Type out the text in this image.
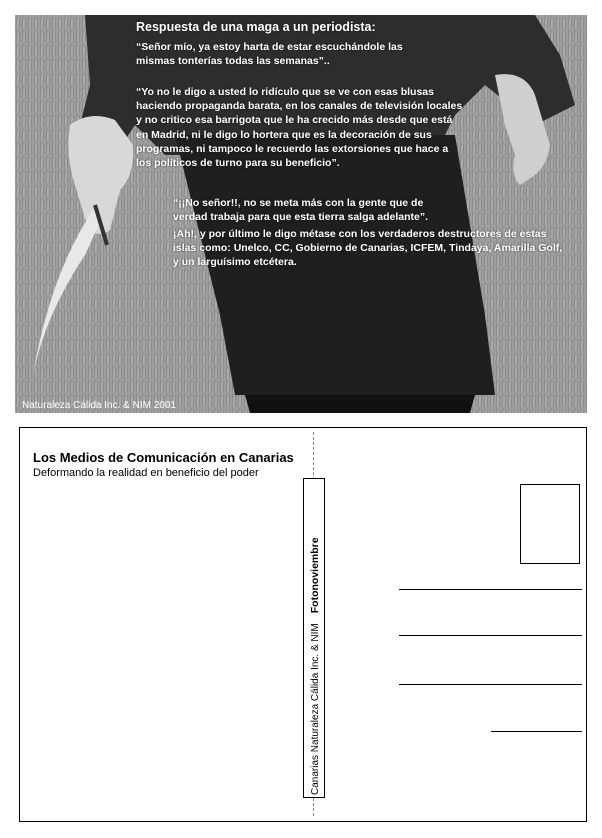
Respuesta de una maga a un periodista:
“Señor mío, ya estoy harta de estar escuchándole las mismas tonterías todas las semanas”..
“Yo no le digo a usted lo ridículo que se ve con esas blusas haciendo propaganda barata, en los canales de televisión locales y no critico esa barrigota que le ha crecido más desde que está en Madrid, ni le digo lo hortera que es la decoración de sus programas, ni tampoco le recuerdo las extorsiones que hace a los políticos de turno para su beneficio”.
“¡¡No señor!!, no se meta más con la gente que de verdad trabaja para que esta tierra salga adelante”.
¡Ah!, y por último le digo métase con los verdaderos destructores de estas islas como: Unelco, CC, Gobierno de Canarias, ICFEM, Tindaya, Amarilla Golf, y un larguísimo etcétera.
Naturaleza Cálida Inc. & NIM 2001
Los Medios de Comunicación en Canarias
Deformando la realidad en beneficio del poder
Canarias Naturaleza Cálida Inc. & NIM
Fotonoviembre
